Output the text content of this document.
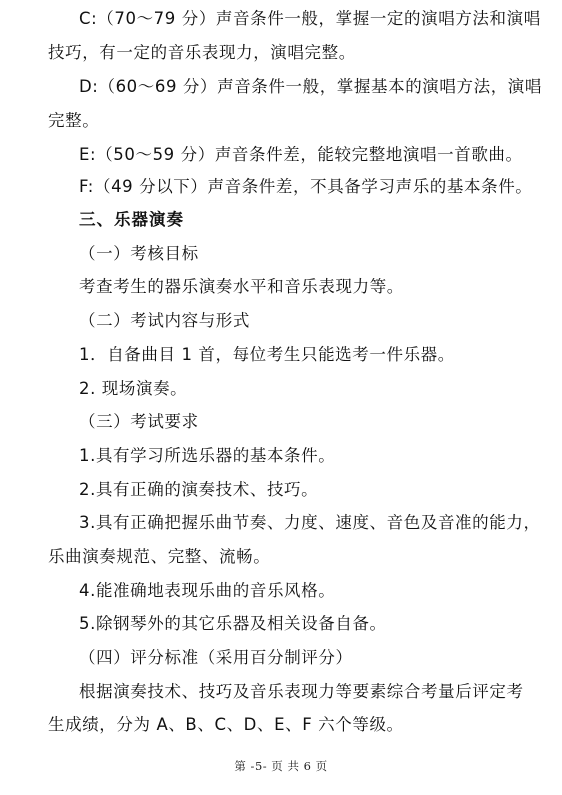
C:（70～79 分）声音条件一般，掌握一定的演唱方法和演唱
技巧，有一定的音乐表现力，演唱完整。
D:（60～69 分）声音条件一般，掌握基本的演唱方法，演唱
完整。
E:（50～59 分）声音条件差，能较完整地演唱一首歌曲。
F:（49 分以下）声音条件差，不具备学习声乐的基本条件。
三、乐器演奏
（一）考核目标
考查考生的器乐演奏水平和音乐表现力等。
（二）考试内容与形式
1．自备曲目 1 首，每位考生只能选考一件乐器。
2. 现场演奏。
（三）考试要求
1.具有学习所选乐器的基本条件。
2.具有正确的演奏技术、技巧。
3.具有正确把握乐曲节奏、力度、速度、音色及音准的能力，
乐曲演奏规范、完整、流畅。
4.能准确地表现乐曲的音乐风格。
5.除钢琴外的其它乐器及相关设备自备。
（四）评分标准（采用百分制评分）
根据演奏技术、技巧及音乐表现力等要素综合考量后评定考
生成绩，分为 A、B、C、D、E、F 六个等级。
第 -5- 页 共 6 页
